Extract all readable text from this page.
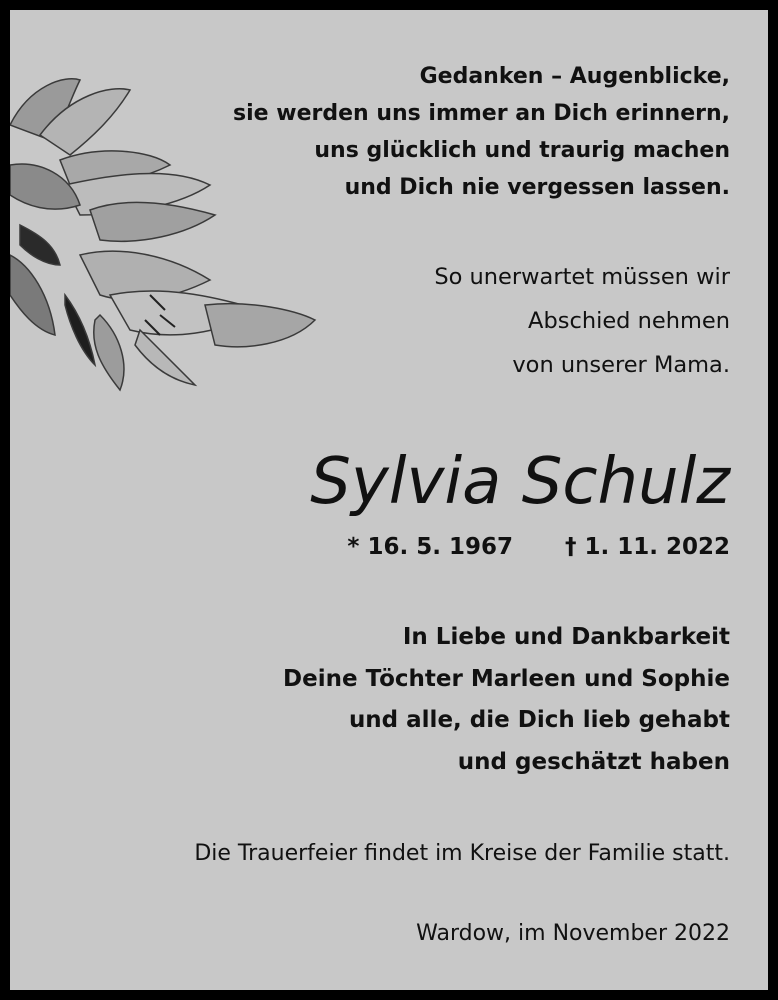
Gedanken – Augenblicke,
sie werden uns immer an Dich erinnern,
uns glücklich und traurig machen
und Dich nie vergessen lassen.
So unerwartet müssen wir
Abschied nehmen
von unserer Mama.
Sylvia Schulz
* 16. 5. 1967 † 1. 11. 2022
In Liebe und Dankbarkeit
Deine Töchter Marleen und Sophie
und alle, die Dich lieb gehabt
und geschätzt haben
Die Trauerfeier findet im Kreise der Familie statt.
Wardow, im November 2022
